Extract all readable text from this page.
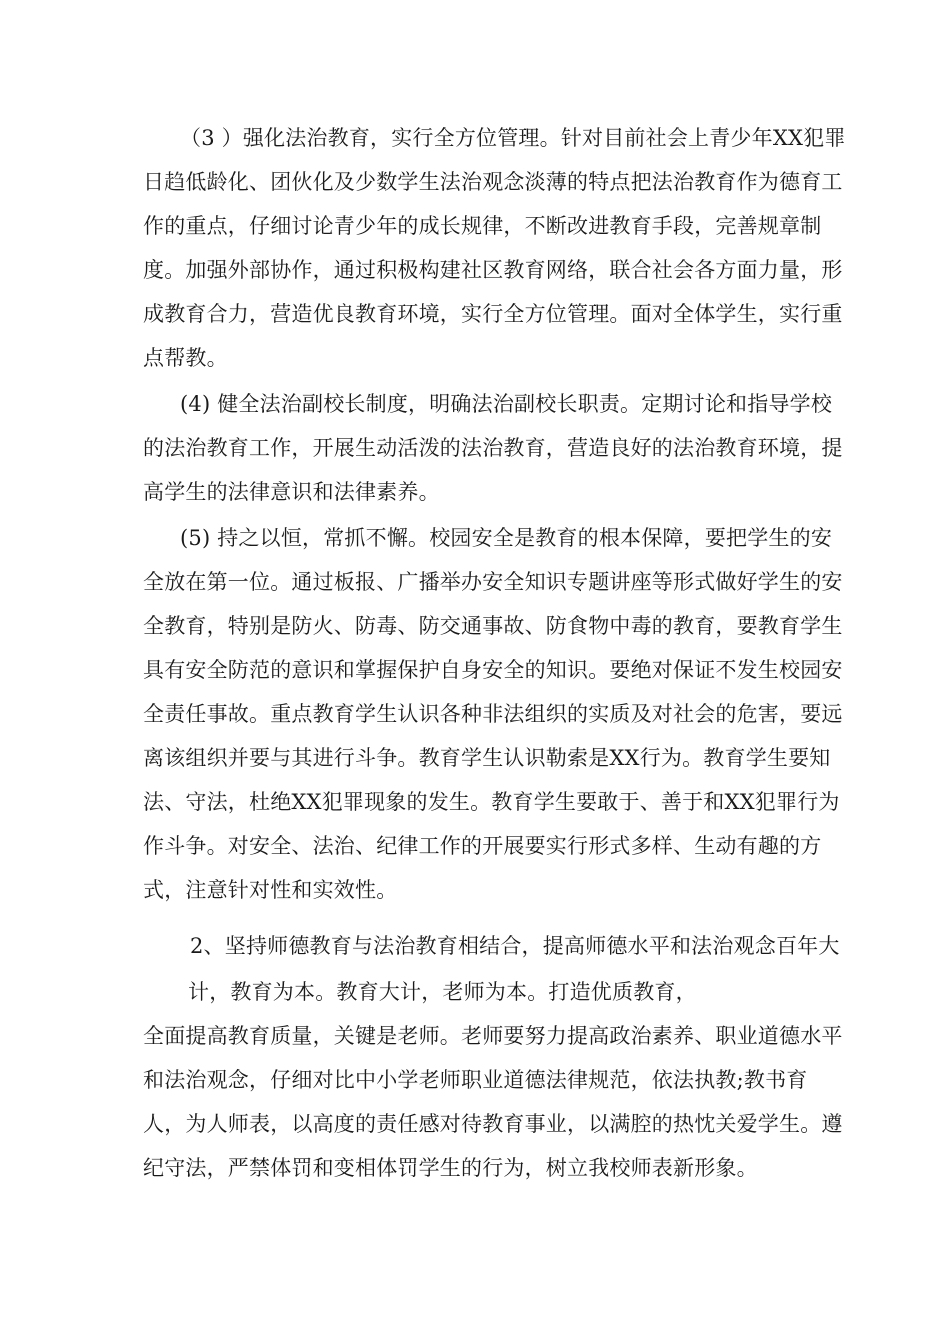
（3 ）强化法治教育，实行全方位管理。针对目前社会上青少年XX犯罪
日趋低龄化、团伙化及少数学生法治观念淡薄的特点把法治教育作为德育工
作的重点，仔细讨论青少年的成长规律，不断改进教育手段，完善规章制
度。加强外部协作，通过积极构建社区教育网络，联合社会各方面力量，形
成教育合力，营造优良教育环境，实行全方位管理。面对全体学生，实行重
点帮教。
(4) 健全法治副校长制度，明确法治副校长职责。定期讨论和指导学校
的法治教育工作，开展生动活泼的法治教育，营造良好的法治教育环境，提
高学生的法律意识和法律素养。
(5) 持之以恒，常抓不懈。校园安全是教育的根本保障，要把学生的安
全放在第一位。通过板报、广播举办安全知识专题讲座等形式做好学生的安
全教育，特别是防火、防毒、防交通事故、防食物中毒的教育，要教育学生
具有安全防范的意识和掌握保护自身安全的知识。要绝对保证不发生校园安
全责任事故。重点教育学生认识各种非法组织的实质及对社会的危害，要远
离该组织并要与其进行斗争。教育学生认识勒索是XX行为。教育学生要知
法、守法，杜绝XX犯罪现象的发生。教育学生要敢于、善于和XX犯罪行为
作斗争。对安全、法治、纪律工作的开展要实行形式多样、生动有趣的方
式，注意针对性和实效性。
2、坚持师德教育与法治教育相结合，提高师德水平和法治观念百年大
计，教育为本。教育大计，老师为本。打造优质教育，
全面提高教育质量，关键是老师。老师要努力提高政治素养、职业道德水平
和法治观念，仔细对比中小学老师职业道德法律规范，依法执教;教书育
人，为人师表，以高度的责任感对待教育事业，以满腔的热忱关爱学生。遵
纪守法，严禁体罚和变相体罚学生的行为，树立我校师表新形象。
